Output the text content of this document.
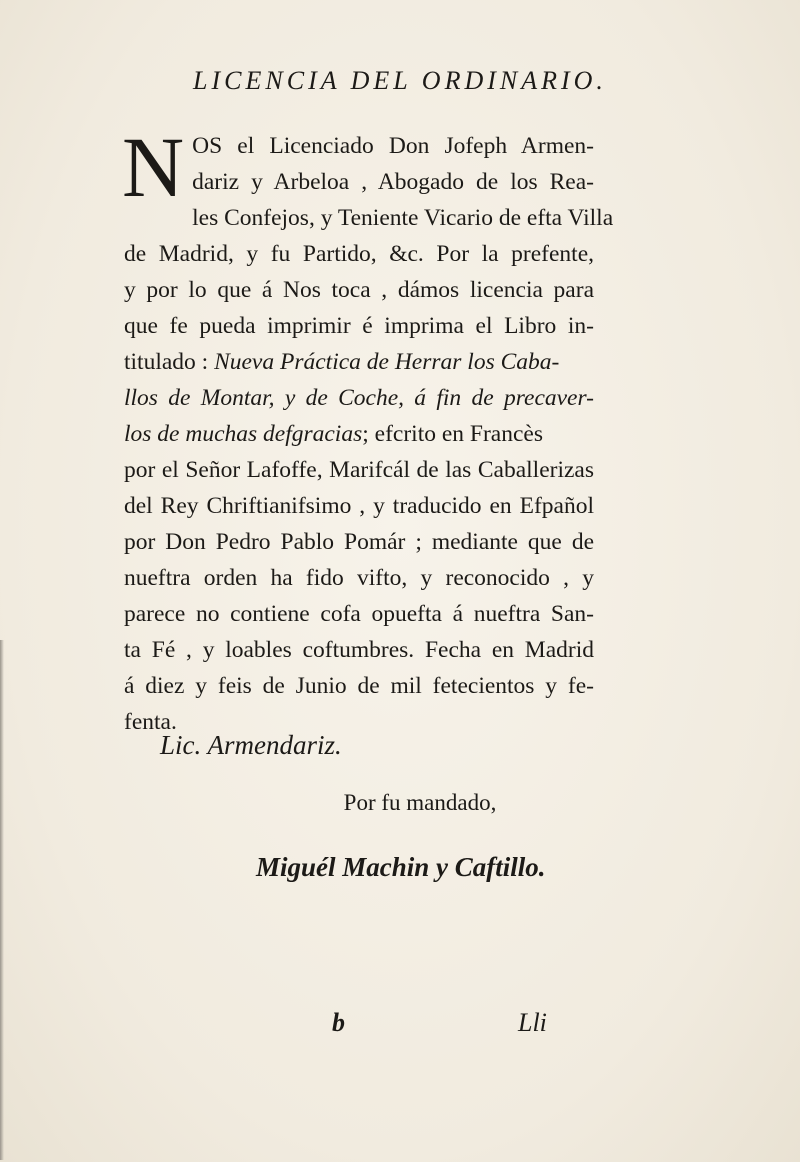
LICENCIA DEL ORDINARIO.
N OS el Licenciado Don Jofeph Armen-
dariz y Arbeloa , Abogado de los Rea-
les Confejos, y Teniente Vicario de efta Villa
de Madrid, y fu Partido, &c. Por la prefente,
y por lo que á Nos toca , dámos licencia para
que fe pueda imprimir é imprima el Libro in-
titulado : Nueva Práctica de Herrar los Caba-
llos de Montar, y de Coche, á fin de precaver-
los de muchas defgracias; efcrito en Francès
por el Señor Lafoffe, Marifcál de las Caballerizas
del Rey Chriftianifsimo , y traducido en Efpañol
por Don Pedro Pablo Pomár ; mediante que de
nueftra orden ha fido vifto, y reconocido , y
parece no contiene cofa opuefta á nueftra San-
ta Fé , y loables coftumbres. Fecha en Madrid
á diez y feis de Junio de mil fetecientos y fe-
fenta.
Lic. Armendariz.
Por fu mandado,
Miguél Machin y Caftillo.
b	Lli
